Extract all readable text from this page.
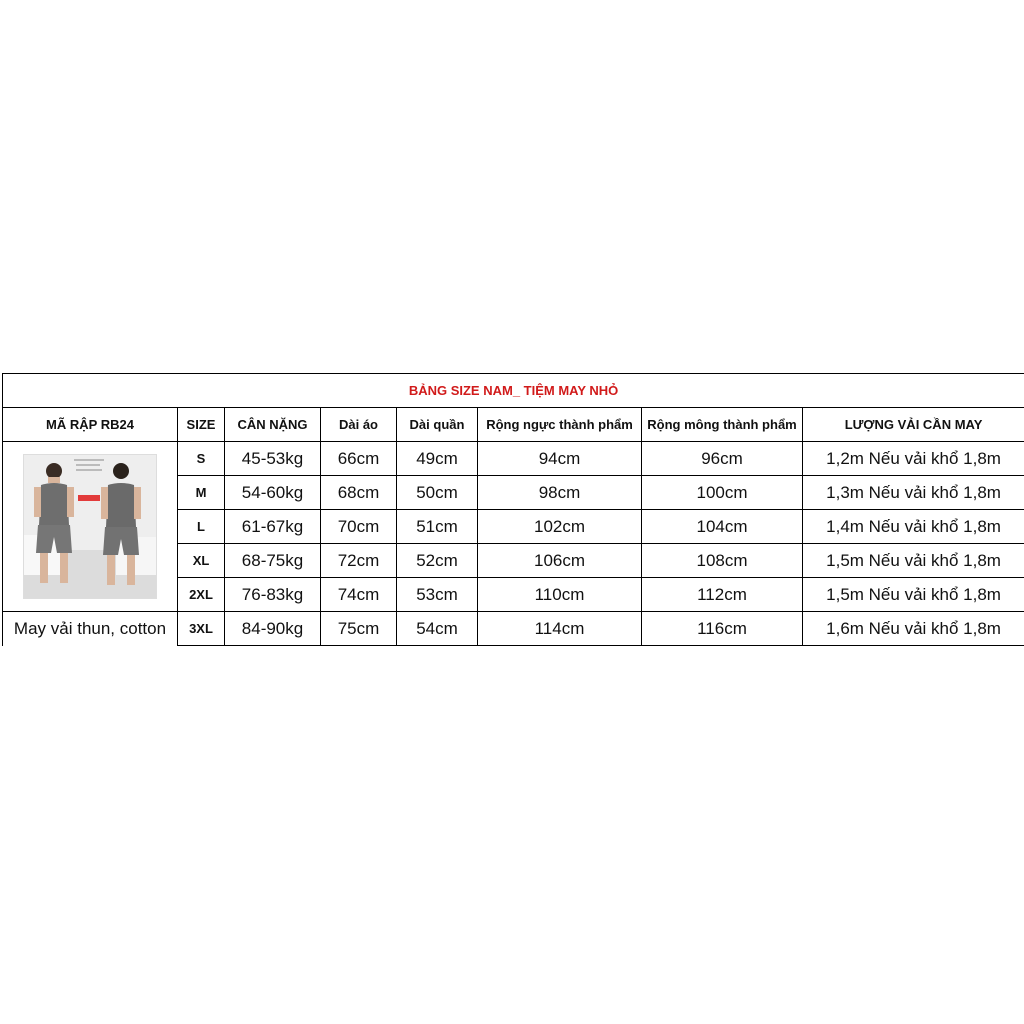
BẢNG SIZE NAM_ TIỆM MAY NHỎ							
MÃ RẬP RB24	SIZE	CÂN NẶNG	Dài áo	Dài quần	Rộng ngực thành phẩm	Rộng mông thành phẩm	LƯỢNG VẢI CẦN MAY

	S	45-53kg	66cm	49cm	94cm	96cm	1,2m Nếu vải khổ 1,8m
	M	54-60kg	68cm	50cm	98cm	100cm	1,3m Nếu vải khổ 1,8m
	L	61-67kg	70cm	51cm	102cm	104cm	1,4m Nếu vải khổ 1,8m
	XL	68-75kg	72cm	52cm	106cm	108cm	1,5m Nếu vải khổ 1,8m
	2XL	76-83kg	74cm	53cm	110cm	112cm	1,5m Nếu vải khổ 1,8m
May vải thun, cotton	3XL	84-90kg	75cm	54cm	114cm	116cm	1,6m Nếu vải khổ 1,8m
